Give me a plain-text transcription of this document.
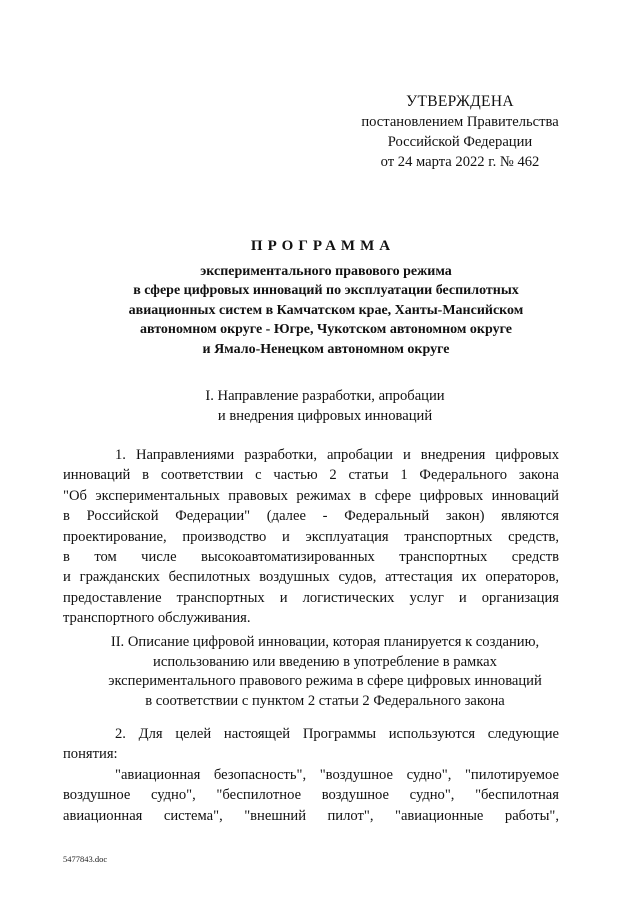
УТВЕРЖДЕНА
постановлением Правительства
Российской Федерации
от 24 марта 2022 г. № 462
ПРОГРАММА
экспериментального правового режима
в сфере цифровых инноваций по эксплуатации беспилотных
авиационных систем в Камчатском крае, Ханты-Мансийском
автономном округе - Югре, Чукотском автономном округе
и Ямало-Ненецком автономном округе
I. Направление разработки, апробации
и внедрения цифровых инноваций
1. Направлениями разработки, апробации и внедрения цифровых
инноваций в соответствии с частью 2 статьи 1 Федерального закона
"Об экспериментальных правовых режимах в сфере цифровых инноваций
в Российской Федерации" (далее - Федеральный закон) являются
проектирование, производство и эксплуатация транспортных средств,
в том числе высокоавтоматизированных транспортных средств
и гражданских беспилотных воздушных судов, аттестация их операторов,
предоставление транспортных и логистических услуг и организация
транспортного обслуживания.
II. Описание цифровой инновации, которая планируется к созданию,
использованию или введению в употребление в рамках
экспериментального правового режима в сфере цифровых инноваций
в соответствии с пунктом 2 статьи 2 Федерального закона
2. Для целей настоящей Программы используются следующие
понятия:
"авиационная безопасность", "воздушное судно", "пилотируемое
воздушное судно", "беспилотное воздушное судно", "беспилотная
авиационная система", "внешний пилот", "авиационные работы",
5477843.doc
